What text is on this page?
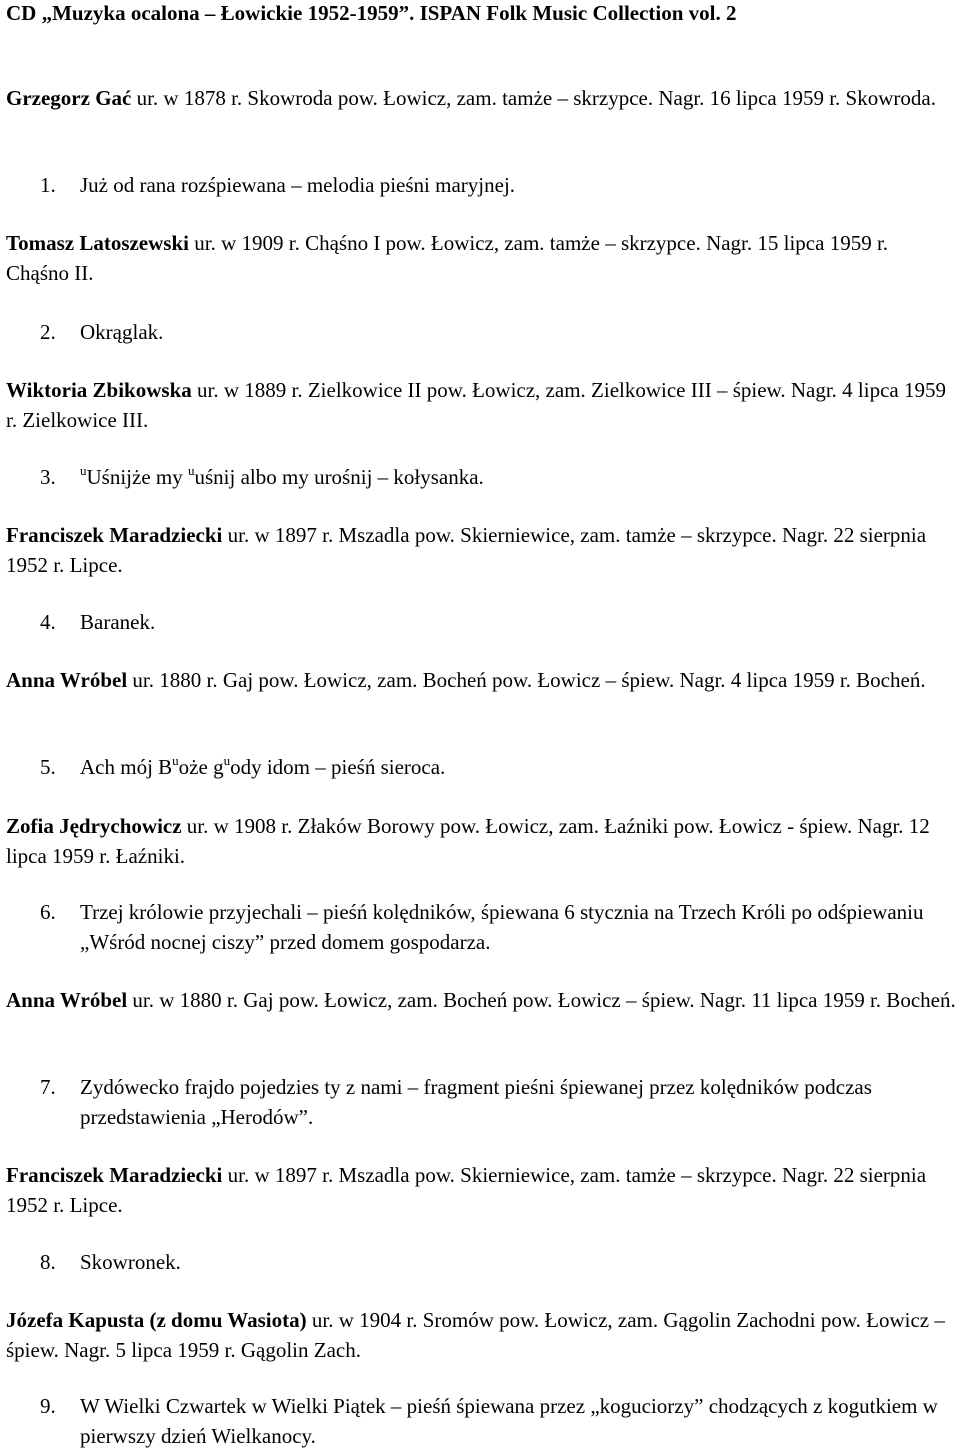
CD „Muzyka ocalona – Łowickie 1952-1959”. ISPAN Folk Music Collection vol. 2

Grzegorz Gać ur. w 1878 r. Skowroda pow. Łowicz, zam. tamże – skrzypce. Nagr. 16 lipca 1959 r. Skowroda.

1.	Już od rana rozśpiewana – melodia pieśni maryjnej.

Tomasz Latoszewski ur. w 1909 r. Chąśno I pow. Łowicz, zam. tamże – skrzypce. Nagr. 15 lipca 1959 r. Chąśno II.

2.	Okrąglak.

Wiktoria Zbikowska ur. w 1889 r. Zielkowice II pow. Łowicz, zam. Zielkowice III – śpiew. Nagr. 4 lipca 1959 r. Zielkowice III.

3.	$^u$Uśnijże my $^u$uśnij albo my urośnij – kołysanka.

Franciszek Maradziecki ur. w 1897 r. Mszadla pow. Skierniewice, zam. tamże – skrzypce. Nagr. 22 sierpnia 1952 r. Lipce.

4.	Baranek.

Anna Wróbel ur. 1880 r. Gaj pow. Łowicz, zam. Bocheń pow. Łowicz – śpiew. Nagr. 4 lipca 1959 r. Bocheń.

5.	Ach mój $B^uoże$ $g^uody$ idom – pieśń sieroca.

Zofia Jędrychowicz ur. w 1908 r. Złaków Borowy pow. Łowicz, zam. Łaźniki pow. Łowicz - śpiew. Nagr. 12 lipca 1959 r. Łaźniki.

6.	Trzej królowie przyjechali – pieśń kolędników, śpiewana 6 stycznia na Trzech Króli po odśpiewaniu „Wśród nocnej ciszy” przed domem gospodarza.

Anna Wróbel ur. w 1880 r. Gaj pow. Łowicz, zam. Bocheń pow. Łowicz – śpiew. Nagr. 11 lipca 1959 r. Bocheń.

7.	Zydówecko frajdo pojedzies ty z nami – fragment pieśni śpiewanej przez kolędników podczas przedstawienia „Herodów”.

Franciszek Maradziecki ur. w 1897 r. Mszadla pow. Skierniewice, zam. tamże – skrzypce. Nagr. 22 sierpnia 1952 r. Lipce.

8.	Skowronek.

Józefa Kapusta (z domu Wasiota) ur. w 1904 r. Sromów pow. Łowicz, zam. Gągolin Zachodni pow. Łowicz – śpiew. Nagr. 5 lipca 1959 r. Gągolin Zach.

9.	W Wielki Czwartek w Wielki Piątek – pieśń śpiewana przez „koguciorzy” chodzących z kogutkiem w pierwszy dzień Wielkanocy.
